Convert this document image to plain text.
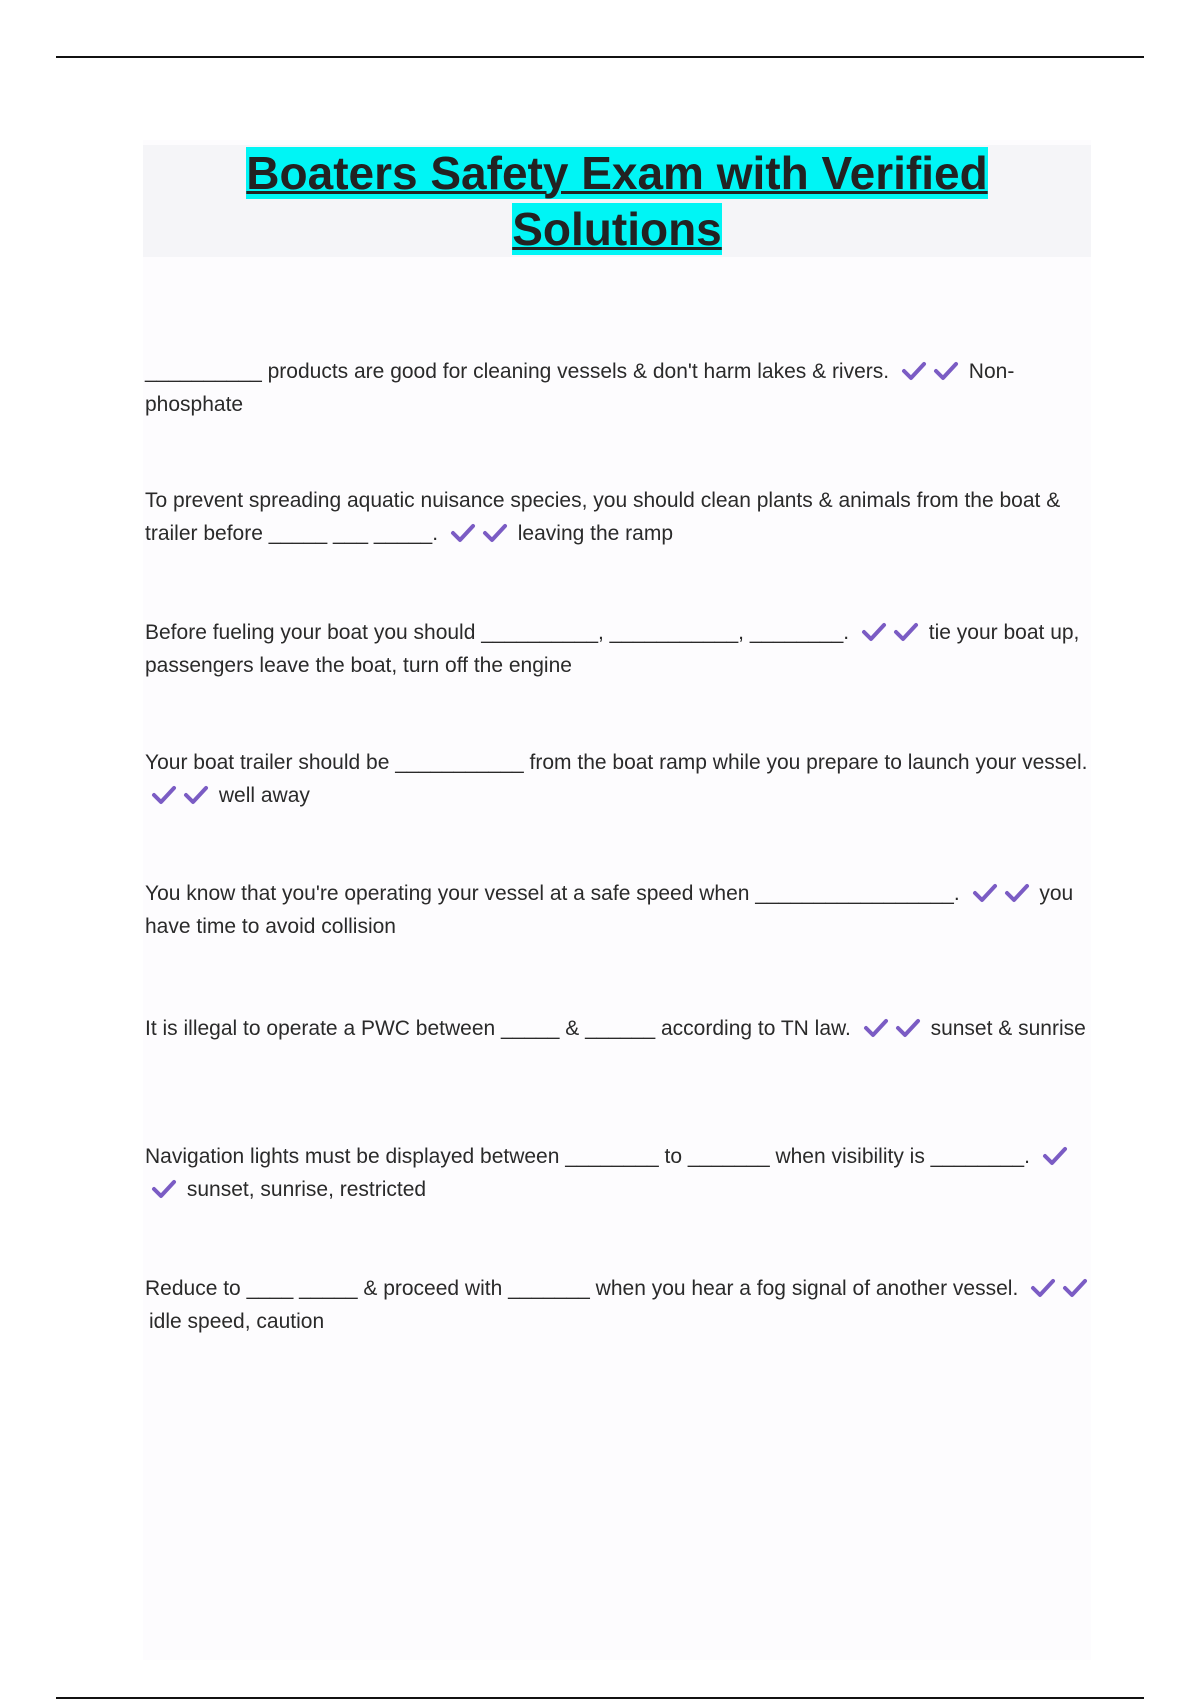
Boaters Safety Exam with Verified
Solutions
__________ products are good for cleaning vessels & don't harm lakes & rivers.	Non-phosphate
To prevent spreading aquatic nuisance species, you should clean plants & animals from the boat & trailer before _____ ___ _____.	leaving the ramp
Before fueling your boat you should __________, ___________, ________.	tie your boat up, passengers leave the boat, turn off the engine
Your boat trailer should be ___________ from the boat ramp while you prepare to launch your vessel.
well away
You know that you're operating your vessel at a safe speed when _________________.	you have time to avoid collision
It is illegal to operate a PWC between _____ & ______ according to TN law.	sunset & sunrise
Navigation lights must be displayed between ________ to _______ when visibility is ________.
sunset, sunrise, restricted
Reduce to ____ _____ & proceed with _______ when you hear a fog signal of another vessel.
idle speed, caution
